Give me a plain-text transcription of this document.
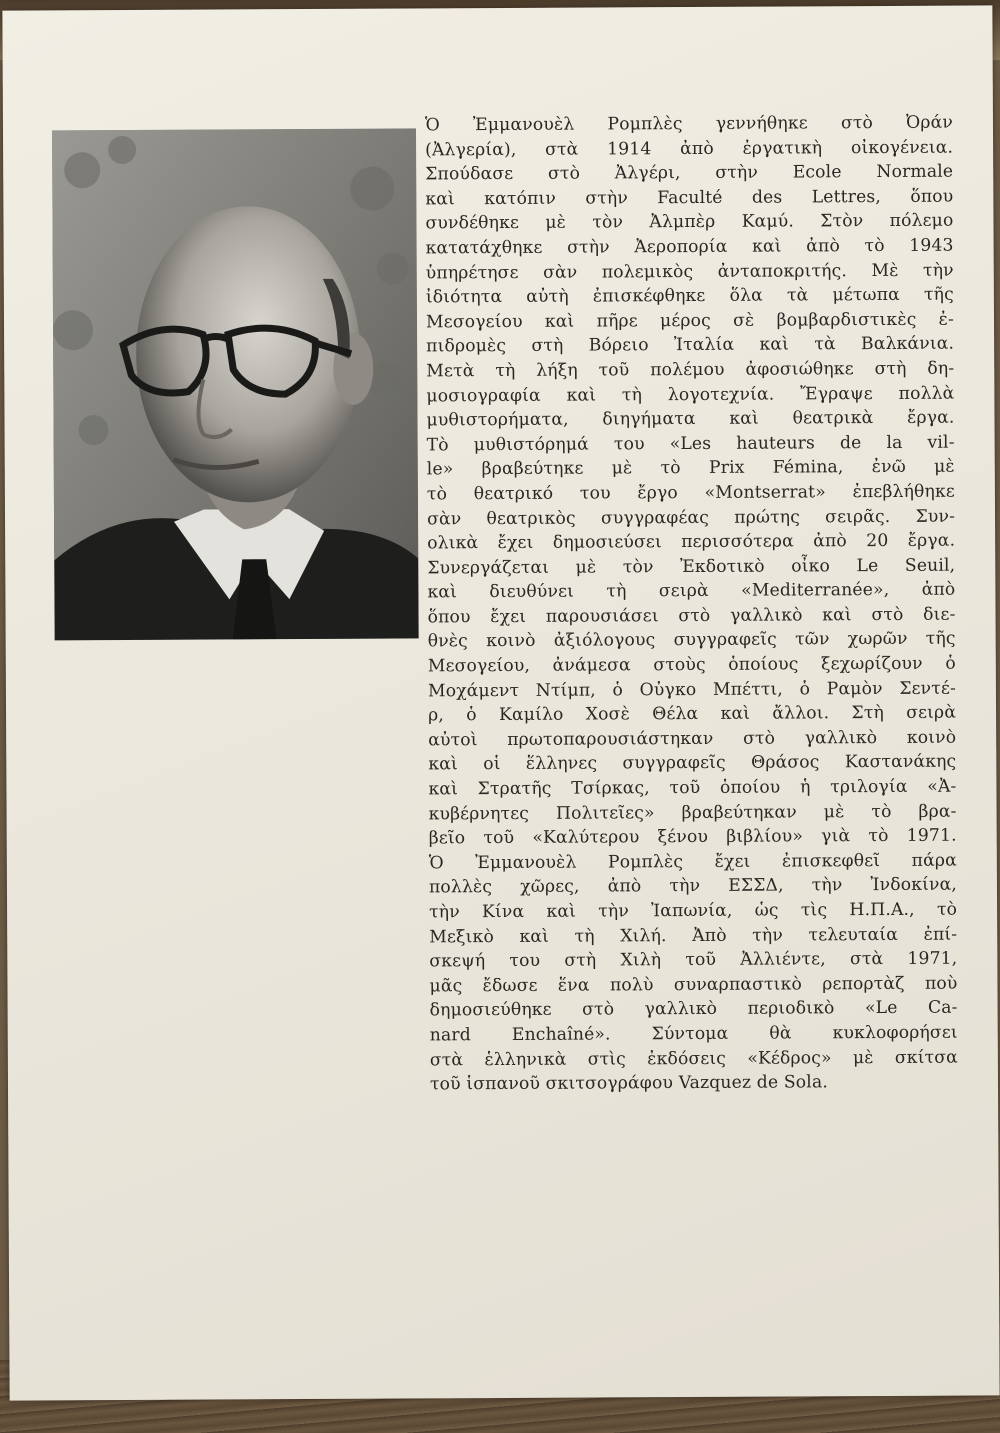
Ὁ Ἐμμανουὲλ Ρομπλὲς γεννήθηκε στὸ Ὀράν
(Ἀλγερία), στὰ 1914 ἀπὸ ἐργατικὴ οἰκογένεια.
Σπούδασε στὸ Ἀλγέρι, στὴν Ecole Normale
καὶ κατόπιν στὴν Faculté des Lettres, ὅπου
συνδέθηκε μὲ τὸν Ἀλμπὲρ Καμύ. Στὸν πόλεμο
κατατάχθηκε στὴν Ἀεροπορία καὶ ἀπὸ τὸ 1943
ὑπηρέτησε σὰν πολεμικὸς ἀνταποκριτής. Μὲ τὴν
ἰδιότητα αὐτὴ ἐπισκέφθηκε ὅλα τὰ μέτωπα τῆς
Μεσογείου καὶ πῆρε μέρος σὲ βομβαρδιστικὲς ἐ-
πιδρομὲς στὴ Βόρειο Ἰταλία καὶ τὰ Βαλκάνια.
Μετὰ τὴ λήξη τοῦ πολέμου ἀφοσιώθηκε στὴ δη-
μοσιογραφία καὶ τὴ λογοτεχνία. Ἔγραψε πολλὰ
μυθιστορήματα, διηγήματα καὶ θεατρικὰ ἔργα.
Τὸ μυθιστόρημά του «Les hauteurs de la vil-
le» βραβεύτηκε μὲ τὸ Prix Fémina, ἐνῶ μὲ
τὸ θεατρικό του ἔργο «Montserrat» ἐπεβλήθηκε
σὰν θεατρικὸς συγγραφέας πρώτης σειρᾶς. Συν-
ολικὰ ἔχει δημοσιεύσει περισσότερα ἀπὸ 20 ἔργα.
Συνεργάζεται μὲ τὸν Ἐκδοτικὸ οἶκο Le Seuil,
καὶ διευθύνει τὴ σειρὰ «Mediterranée», ἀπὸ
ὅπου ἔχει παρουσιάσει στὸ γαλλικὸ καὶ στὸ διε-
θνὲς κοινὸ ἀξιόλογους συγγραφεῖς τῶν χωρῶν τῆς
Μεσογείου, ἀνάμεσα στοὺς ὁποίους ξεχωρίζουν ὁ
Μοχάμεντ Ντίμπ, ὁ Οὐγκο Μπέττι, ὁ Ραμὸν Σεντέ-
ρ, ὁ Καμίλο Χοσὲ Θέλα καὶ ἄλλοι. Στὴ σειρὰ
αὐτοὶ πρωτοπαρουσιάστηκαν στὸ γαλλικὸ κοινὸ
καὶ οἱ ἕλληνες συγγραφεῖς Θράσος Καστανάκης
καὶ Στρατῆς Τσίρκας, τοῦ ὁποίου ἡ τριλογία «Ἀ-
κυβέρνητες Πολιτεῖες» βραβεύτηκαν μὲ τὸ βρα-
βεῖο τοῦ «Καλύτερου ξένου βιβλίου» γιὰ τὸ 1971.
Ὁ Ἐμμανουὲλ Ρομπλὲς ἔχει ἐπισκεφθεῖ πάρα
πολλὲς χῶρες, ἀπὸ τὴν ΕΣΣΔ, τὴν Ἰνδοκίνα,
τὴν Κίνα καὶ τὴν Ἰαπωνία, ὡς τὶς Η.Π.Α., τὸ
Μεξικὸ καὶ τὴ Χιλή. Ἀπὸ τὴν τελευταία ἐπί-
σκεψή του στὴ Χιλὴ τοῦ Ἀλλιέντε, στὰ 1971,
μᾶς ἔδωσε ἕνα πολὺ συναρπαστικὸ ρεπορτὰζ ποὺ
δημοσιεύθηκε στὸ γαλλικὸ περιοδικὸ «Le Ca-
nard Enchaîné». Σύντομα θὰ κυκλοφορήσει
στὰ ἑλληνικὰ στὶς ἐκδόσεις «Κέδρος» μὲ σκίτσα
τοῦ ἱσπανοῦ σκιτσογράφου Vazquez de Sola.
